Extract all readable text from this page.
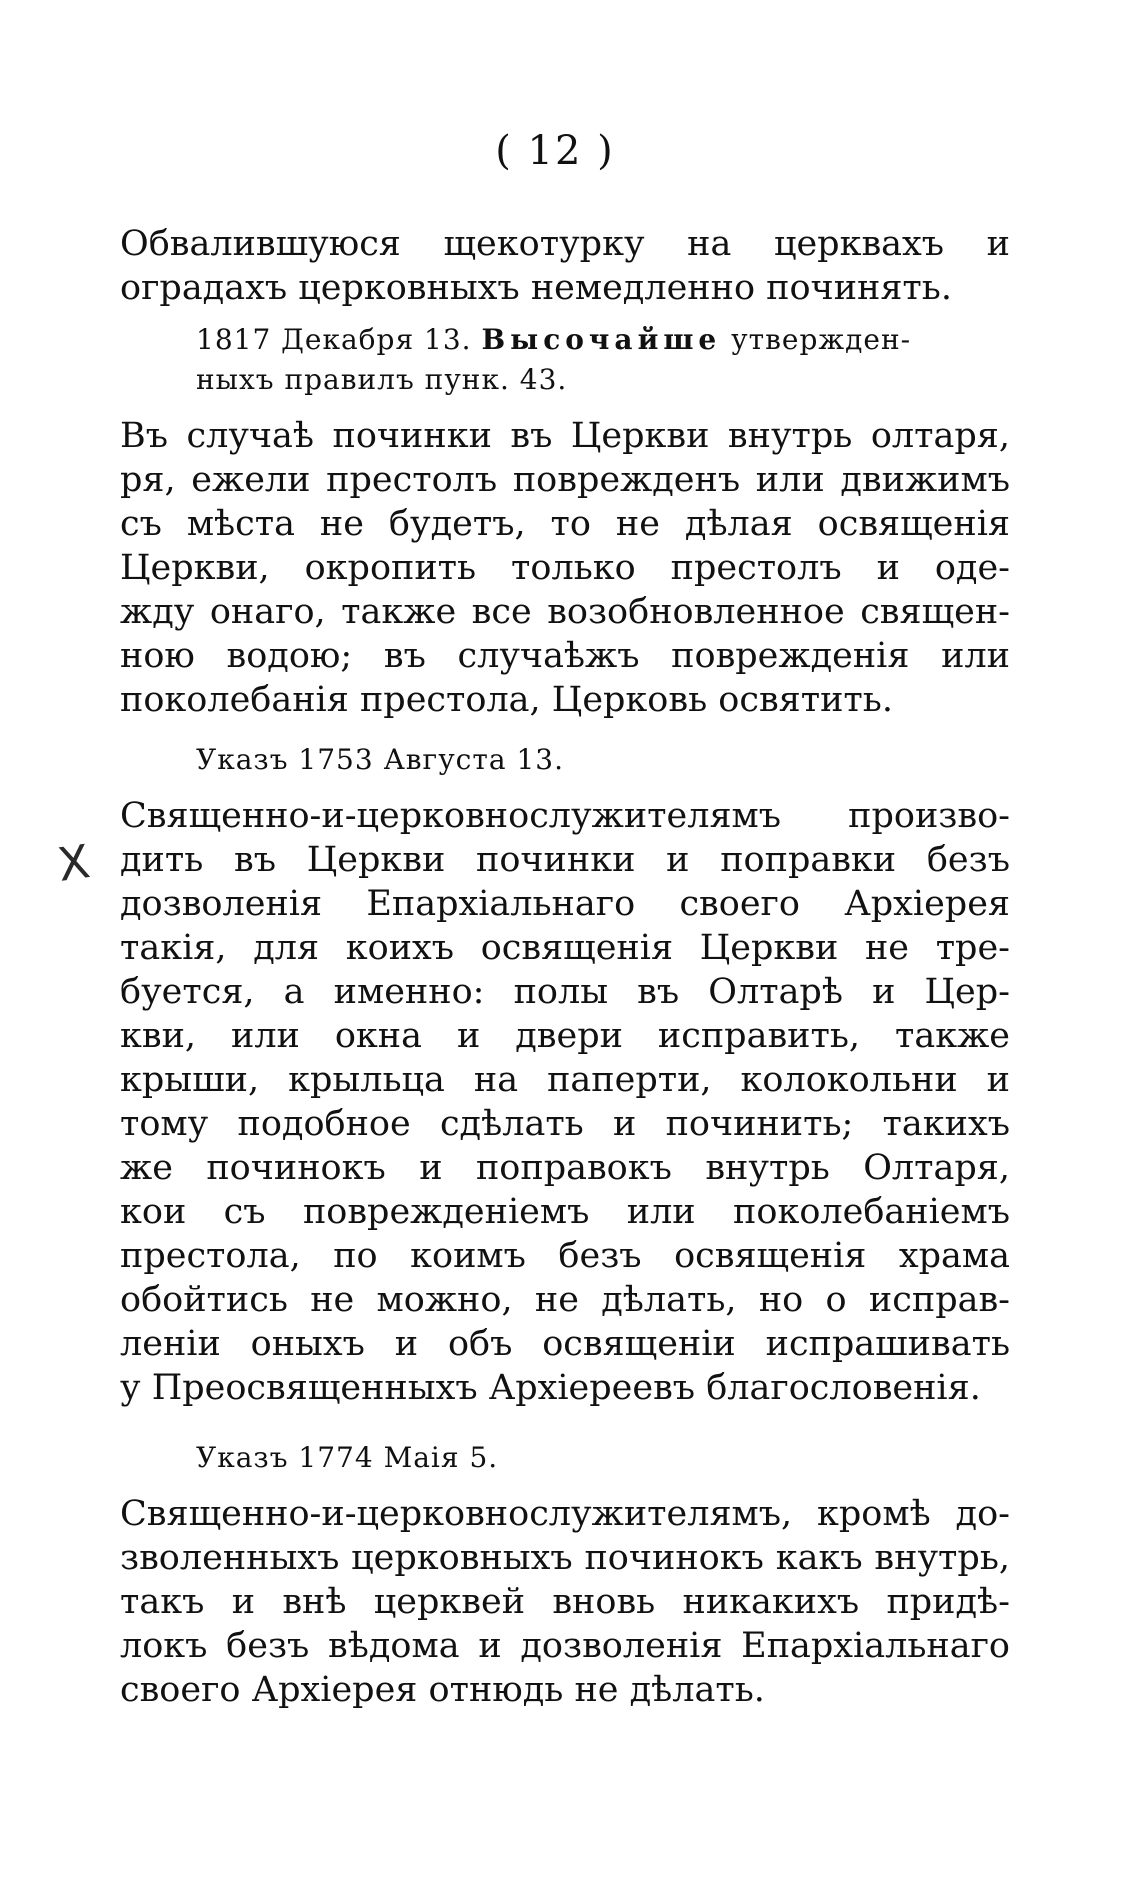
( 12 )
Обвалившуюся щекотурку на церквахъ и
оградахъ церковныхъ немедленно починять.
1817 Декабря 13. Высочайше утвержден-
ныхъ правилъ пунк. 43.
Въ случаѣ починки въ Церкви внутрь олтаря,
ря, ежели престолъ поврежденъ или движимъ
съ мѣста не будетъ, то не дѣлая освященія
Церкви, окропить только престолъ и оде-
жду онаго, также все возобновленное священ-
ною водою; въ случаѣжъ поврежденія или
поколебанія престола, Церковь освятить.
Указъ 1753 Августа 13.
X
Священно-и-церковнослужителямъ произво-
дить въ Церкви починки и поправки безъ
дозволенія Епархіальнаго своего Архіерея
такія, для коихъ освященія Церкви не тре-
буется, а именно: полы въ Олтарѣ и Цер-
кви, или окна и двери исправить, также
крыши, крыльца на паперти, колокольни и
тому подобное сдѣлать и починить; такихъ
же починокъ и поправокъ внутрь Олтаря,
кои съ поврежденіемъ или поколебаніемъ
престола, по коимъ безъ освященія храма
обойтись не можно, не дѣлать, но о исправ-
леніи оныхъ и объ освященіи испрашивать
у Преосвященныхъ Архіереевъ благословенія.
Указъ 1774 Маія 5.
Священно-и-церковнослужителямъ, кромѣ до-
зволенныхъ церковныхъ починокъ какъ внутрь,
такъ и внѣ церквей вновь никакихъ придѣ-
локъ безъ вѣдома и дозволенія Епархіальнаго
своего Архіерея отнюдь не дѣлать.
